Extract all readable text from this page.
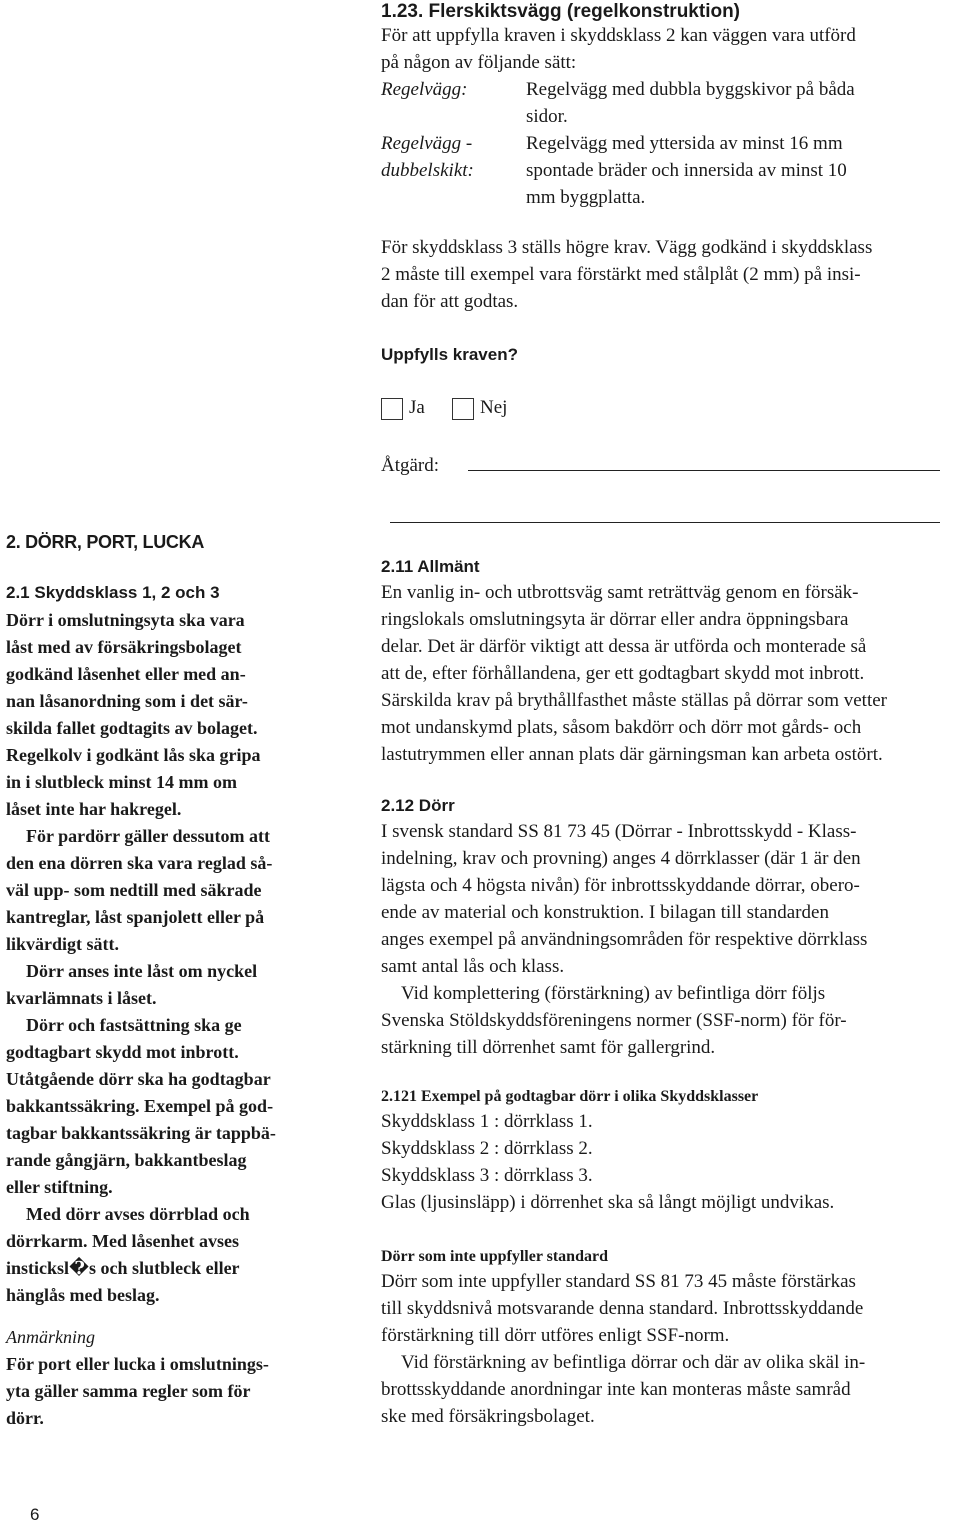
1.23. Flerskiktsvägg (regelkonstruktion)
För att uppfylla kraven i skyddsklass 2 kan väggen vara utförd
på någon av följande sätt:
Regelvägg:	Regelvägg med dubbla byggskivor på båda
sidor.
Regelvägg -
dubbelskikt:
Regelvägg med yttersida av minst 16 mm
spontade bräder och innersida av minst 10
mm byggplatta.
För skyddsklass 3 ställs högre krav. Vägg godkänd i skyddsklass
2 måste till exempel vara förstärkt med stålplåt (2 mm) på insi-
dan för att godtas.
Uppfylls kraven?
Ja	Nej
Åtgärd:
2. DÖRR, PORT, LUCKA
2.1 Skyddsklass 1, 2 och 3
Dörr i omslutningsyta ska vara
låst med av försäkringsbolaget
godkänd låsenhet eller med an-
nan låsanordning som i det sär-
skilda fallet godtagits av bolaget.
Regelkolv i godkänt lås ska gripa
in i slutbleck minst 14 mm om
låset inte har hakregel.
För pardörr gäller dessutom att
den ena dörren ska vara reglad så-
väl upp- som nedtill med säkrade
kantreglar, låst spanjolett eller på
likvärdigt sätt.
Dörr anses inte låst om nyckel
kvarlämnats i låset.
Dörr och fastsättning ska ge
godtagbart skydd mot inbrott.
Utåtgående dörr ska ha godtagbar
bakkantssäkring. Exempel på god-
tagbar bakkantssäkring är tappbä-
rande gångjärn, bakkantbeslag
eller stiftning.
Med dörr avses dörrblad och
dörrkarm. Med låsenhet avses
insticksl�s och slutbleck eller
hänglås med beslag.
Anmärkning
För port eller lucka i omslutnings-
yta gäller samma regler som för
dörr.
2.11 Allmänt
En vanlig in- och utbrottsväg samt reträttväg genom en försäk-
ringslokals omslutningsyta är dörrar eller andra öppningsbara
delar. Det är därför viktigt att dessa är utförda och monterade så
att de, efter förhållandena, ger ett godtagbart skydd mot inbrott.
Särskilda krav på brythållfasthet måste ställas på dörrar som vetter
mot undanskymd plats, såsom bakdörr och dörr mot gårds- och
lastutrymmen eller annan plats där gärningsman kan arbeta ostört.
2.12 Dörr
I svensk standard SS 81 73 45 (Dörrar - Inbrottsskydd - Klass-
indelning, krav och provning) anges 4 dörrklasser (där 1 är den
lägsta och 4 högsta nivån) för inbrottsskyddande dörrar, obero-
ende av material och konstruktion. I bilagan till standarden
anges exempel på användningsområden för respektive dörrklass
samt antal lås och klass.
Vid komplettering (förstärkning) av befintliga dörr följs
Svenska Stöldskyddsföreningens normer (SSF-norm) för för-
stärkning till dörrenhet samt för gallergrind.
2.121 Exempel på godtagbar dörr i olika Skyddsklasser
Skyddsklass 1 : dörrklass 1.
Skyddsklass 2 : dörrklass 2.
Skyddsklass 3 : dörrklass 3.
Glas (ljusinsläpp) i dörrenhet ska så långt möjligt undvikas.
Dörr som inte uppfyller standard
Dörr som inte uppfyller standard SS 81 73 45 måste förstärkas
till skyddsnivå motsvarande denna standard. Inbrottsskyddande
förstärkning till dörr utföres enligt SSF-norm.
Vid förstärkning av befintliga dörrar och där av olika skäl in-
brottsskyddande anordningar inte kan monteras måste samråd
ske med försäkringsbolaget.
6
